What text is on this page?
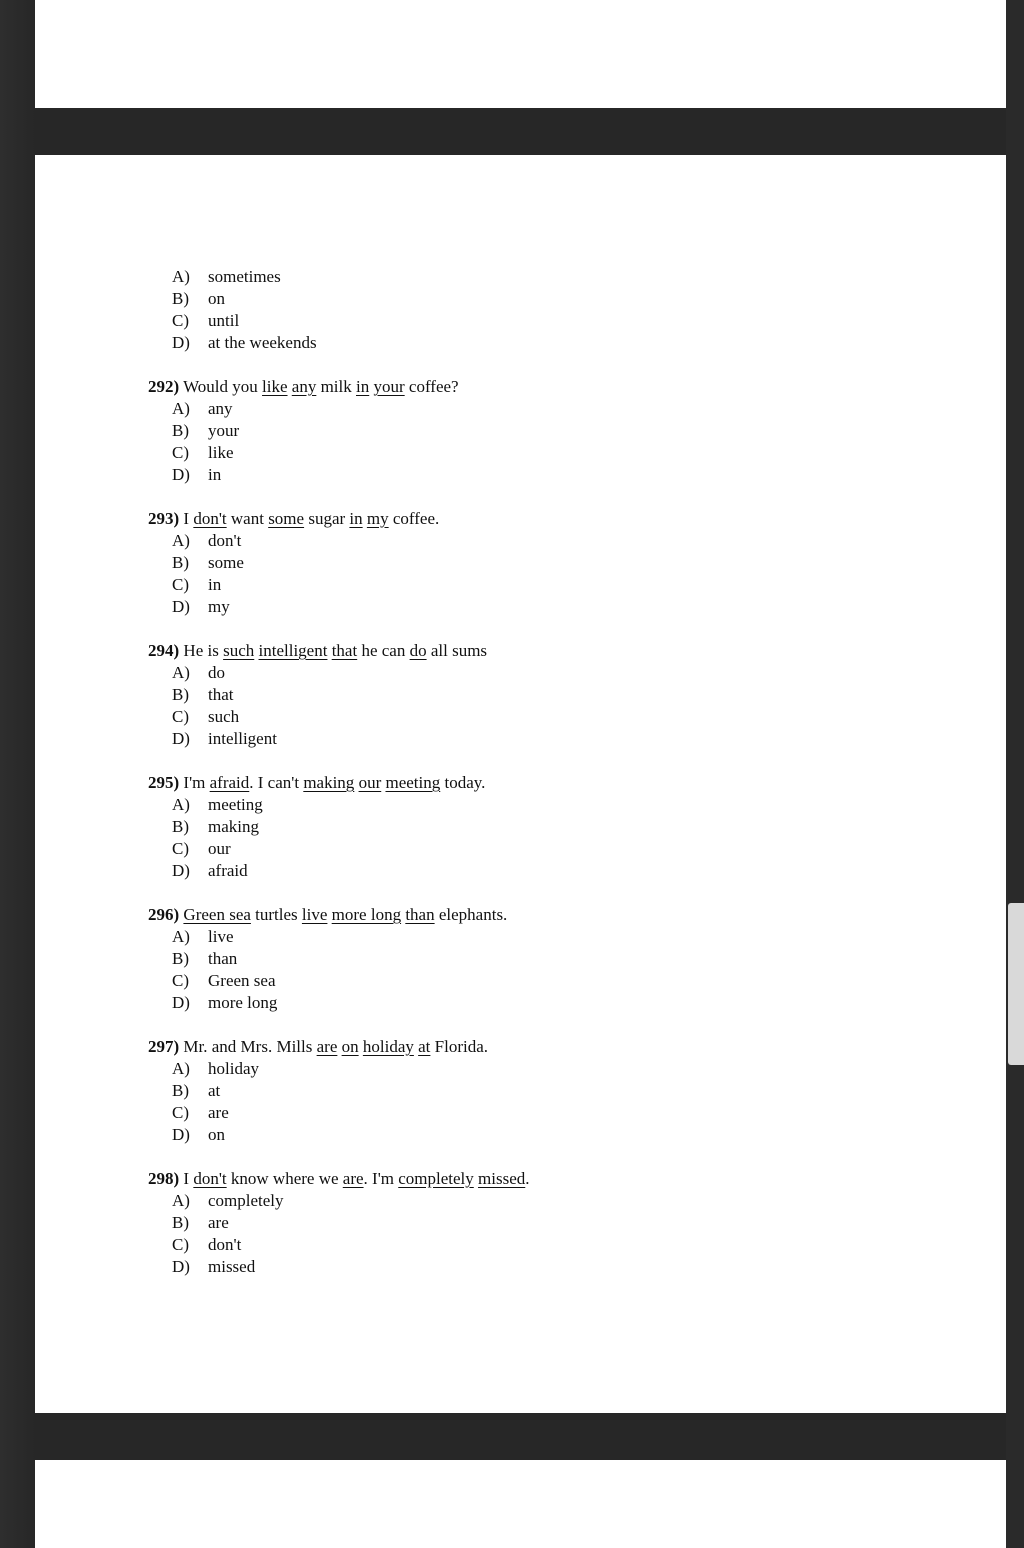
A) sometimes
B) on
C) until
D) at the weekends
292) Would you like any milk in your coffee?
A) any
B) your
C) like
D) in
293) I don't want some sugar in my coffee.
A) don't
B) some
C) in
D) my
294) He is such intelligent that he can do all sums
A) do
B) that
C) such
D) intelligent
295) I'm afraid. I can't making our meeting today.
A) meeting
B) making
C) our
D) afraid
296) Green sea turtles live more long than elephants.
A) live
B) than
C) Green sea
D) more long
297) Mr. and Mrs. Mills are on holiday at Florida.
A) holiday
B) at
C) are
D) on
298) I don't know where we are. I'm completely missed.
A) completely
B) are
C) don't
D) missed
